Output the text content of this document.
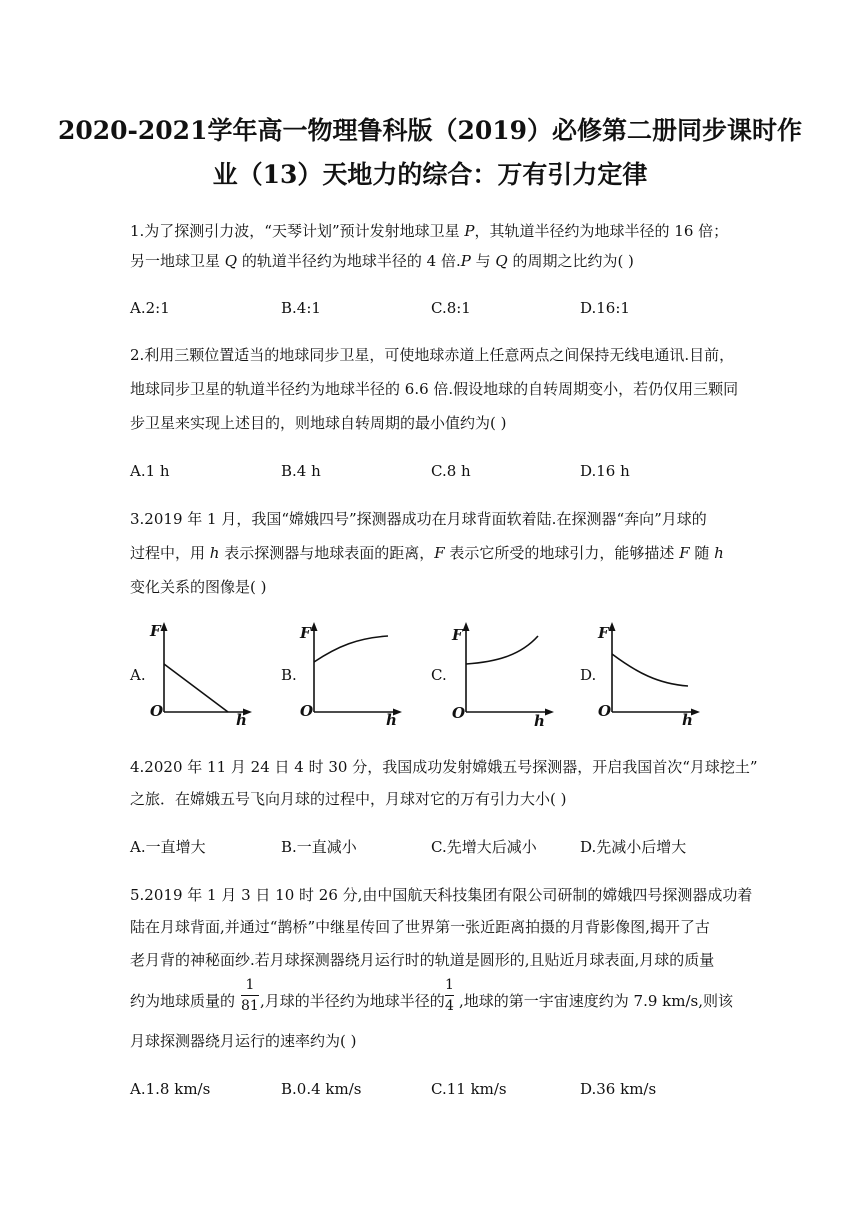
2020-2021学年高一物理鲁科版（2019）必修第二册同步课时作
业（13）天地力的综合：万有引力定律
1.为了探测引力波，“天琴计划”预计发射地球卫星 P，其轨道半径约为地球半径的 16 倍；
另一地球卫星 Q 的轨道半径约为地球半径的 4 倍.P 与 Q 的周期之比约为( )
A.2:1	B.4:1	C.8:1	D.16:1
2.利用三颗位置适当的地球同步卫星，可使地球赤道上任意两点之间保持无线电通讯.目前，
地球同步卫星的轨道半径约为地球半径的 6.6 倍.假设地球的自转周期变小，若仍仅用三颗同
步卫星来实现上述目的，则地球自转周期的最小值约为( )
A.1 h	B.4 h	C.8 h	D.16 h
3.2019 年 1 月，我国“嫦娥四号”探测器成功在月球背面软着陆.在探测器“奔向”月球的
过程中，用 h 表示探测器与地球表面的距离，F 表示它所受的地球引力，能够描述 F 随 h
变化关系的图像是( )
A.	B.	C.	D.
F
O	h
F
O	h
F
O	h
F
O	h
4.2020 年 11 月 24 日 4 时 30 分，我国成功发射嫦娥五号探测器，开启我国首次“月球挖土”
之旅．在嫦娥五号飞向月球的过程中，月球对它的万有引力大小( )
A.一直增大	B.一直减小	C.先增大后减小	D.先减小后增大
5.2019 年 1 月 3 日 10 时 26 分,由中国航天科技集团有限公司研制的嫦娥四号探测器成功着
陆在月球背面,并通过“鹊桥”中继星传回了世界第一张近距离拍摄的月背影像图,揭开了古
老月背的神秘面纱.若月球探测器绕月运行时的轨道是圆形的,且贴近月球表面,月球的质量
约为地球质量的
1
81 ,月球的半径约为地球半径的
1
4 ,地球的第一宇宙速度约为 7.9 km/s,则该
月球探测器绕月运行的速率约为( )
A.1.8 km/s	B.0.4 km/s	C.11 km/s	D.36 km/s
